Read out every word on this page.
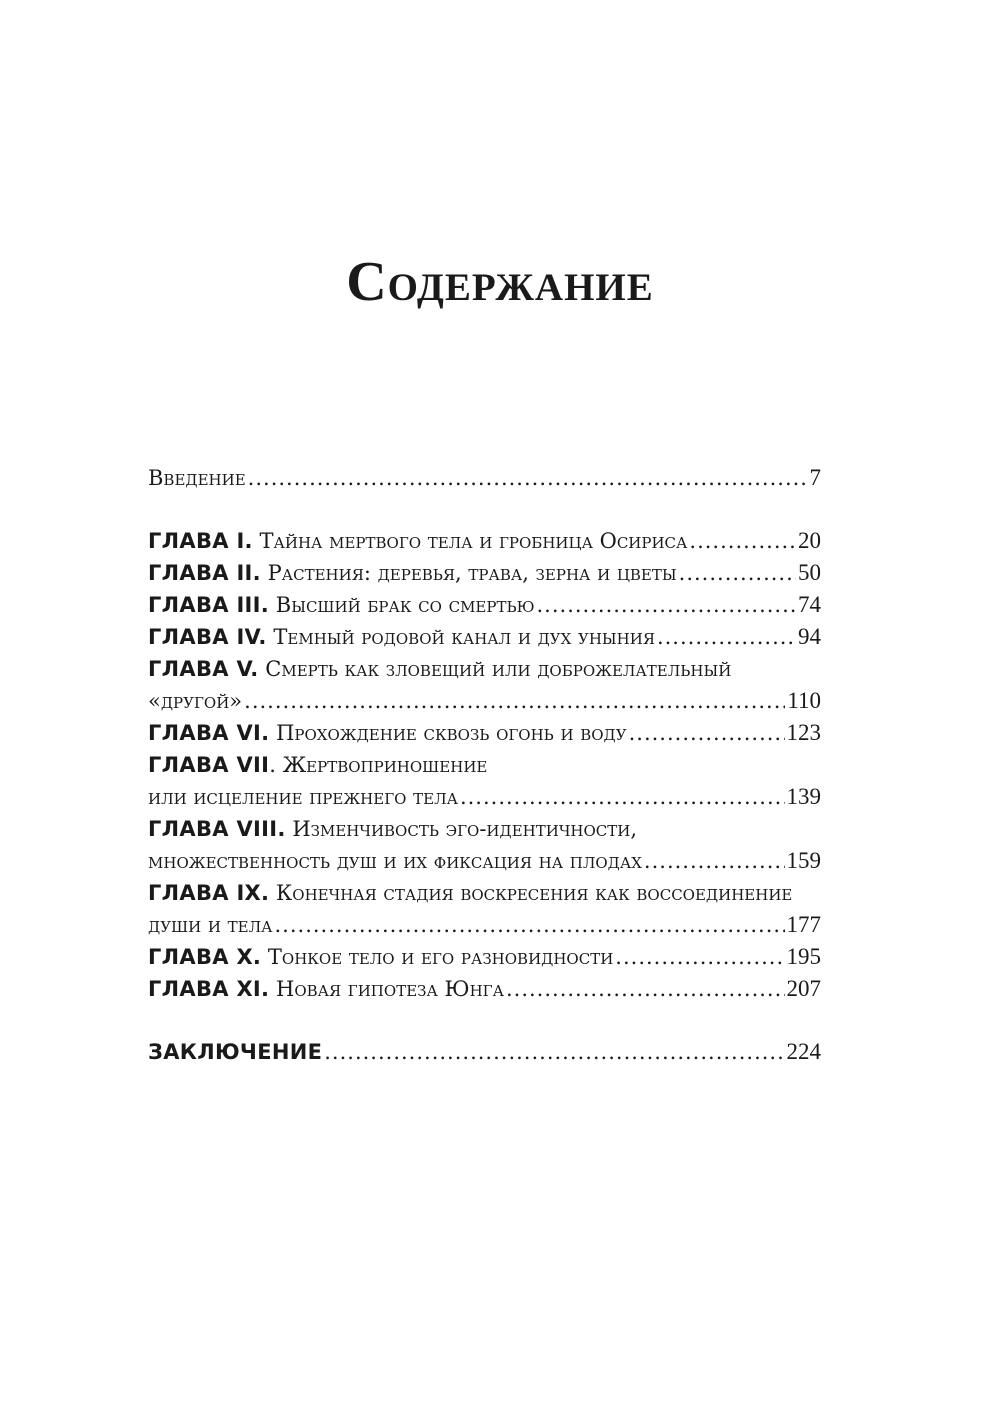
Содержание
Введение .....	7
ГЛАВА I.
Тайна мертвого тела и гробница Осириса .....	20
ГЛАВА II.
Растения: деревья, трава, зерна и цветы .....	50
ГЛАВА III.
Высший брак со смертью .....	74
ГЛАВА IV.
Темный родовой канал и дух уныния .....	94
ГЛАВА V. Смерть как зловещий или доброжелательный
«другой» .....	110
ГЛАВА VI.
Прохождение сквозь огонь и воду .....	123
ГЛАВА VII. Жертвоприношение
или исцеление прежнего тела .....	139
ГЛАВА VIII. Изменчивость эго-идентичности,
множественность душ и их фиксация на плодах .....	159
ГЛАВА IX. Конечная стадия воскресения как воссоединение
души и тела .....	177
ГЛАВА X.
Тонкое тело и его разновидности .....	195
ГЛАВА XI.
Новая гипотеза Юнга .....	207
ЗАКЛЮЧЕНИЕ .....	224
